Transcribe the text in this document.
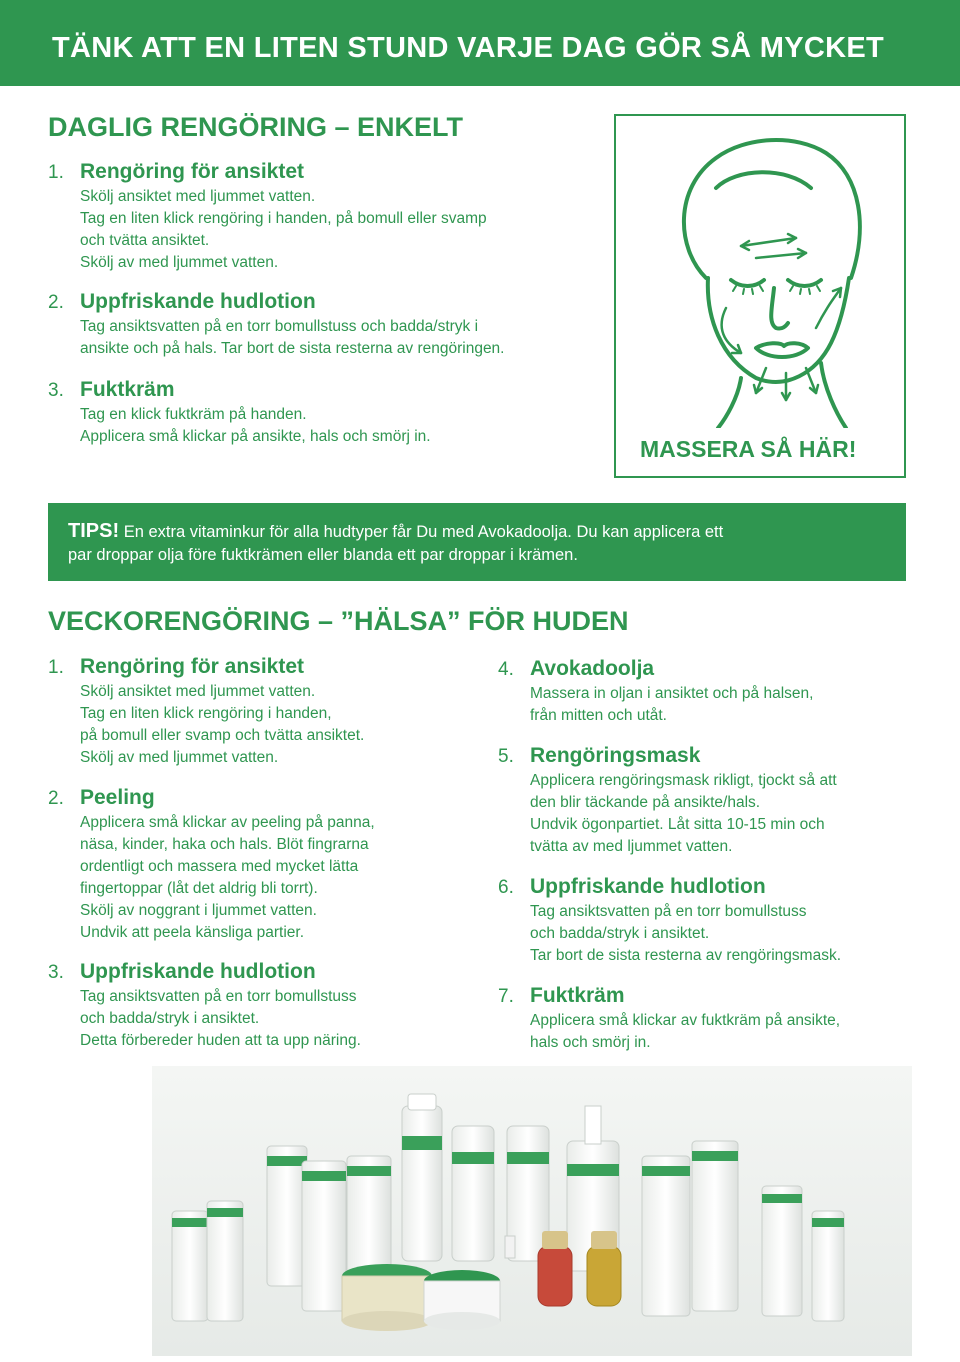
TÄNK ATT EN LITEN STUND VARJE DAG GÖR SÅ MYCKET
DAGLIG RENGÖRING – ENKELT
1. Rengöring för ansiktet
Skölj ansiktet med ljummet vatten.
Tag en liten klick rengöring i handen, på bomull eller svamp
och tvätta ansiktet.
Skölj av med ljummet vatten.
2. Uppfriskande hudlotion
Tag ansiktsvatten på en torr bomullstuss och badda/stryk i
ansikte och på hals. Tar bort de sista resterna av rengöringen.
3. Fuktkräm
Tag en klick fuktkräm på handen.
Applicera små klickar på ansikte, hals och smörj in.	MASSERA SÅ HÄR!
TIPS! En extra vitaminkur för alla hudtyper får Du med Avokadoolja. Du kan applicera ett
par droppar olja före fuktkrämen eller blanda ett par droppar i krämen.
VECKORENGÖRING – ”HÄLSA” FÖR HUDEN
1. Rengöring för ansiktet
Skölj ansiktet med ljummet vatten.
Tag en liten klick rengöring i handen,
på bomull eller svamp och tvätta ansiktet.
Skölj av med ljummet vatten.
2. Peeling
Applicera små klickar av peeling på panna,
näsa, kinder, haka och hals. Blöt fingrarna
ordentligt och massera med mycket lätta
fingertoppar (låt det aldrig bli torrt).
Skölj av noggrant i ljummet vatten.
Undvik att peela känsliga partier.
3. Uppfriskande hudlotion
Tag ansiktsvatten på en torr bomullstuss
och badda/stryk i ansiktet.
Detta förbereder huden att ta upp näring.
4. Avokadoolja
Massera in oljan i ansiktet och på halsen,
från mitten och utåt.
5. Rengöringsmask
Applicera rengöringsmask rikligt, tjockt så att
den blir täckande på ansikte/hals.
Undvik ögonpartiet. Låt sitta 10-15 min och
tvätta av med ljummet vatten.
6. Uppfriskande hudlotion
Tag ansiktsvatten på en torr bomullstuss
och badda/stryk i ansiktet.
Tar bort de sista resterna av rengöringsmask.
7. Fuktkräm
Applicera små klickar av fuktkräm på ansikte,
hals och smörj in.
